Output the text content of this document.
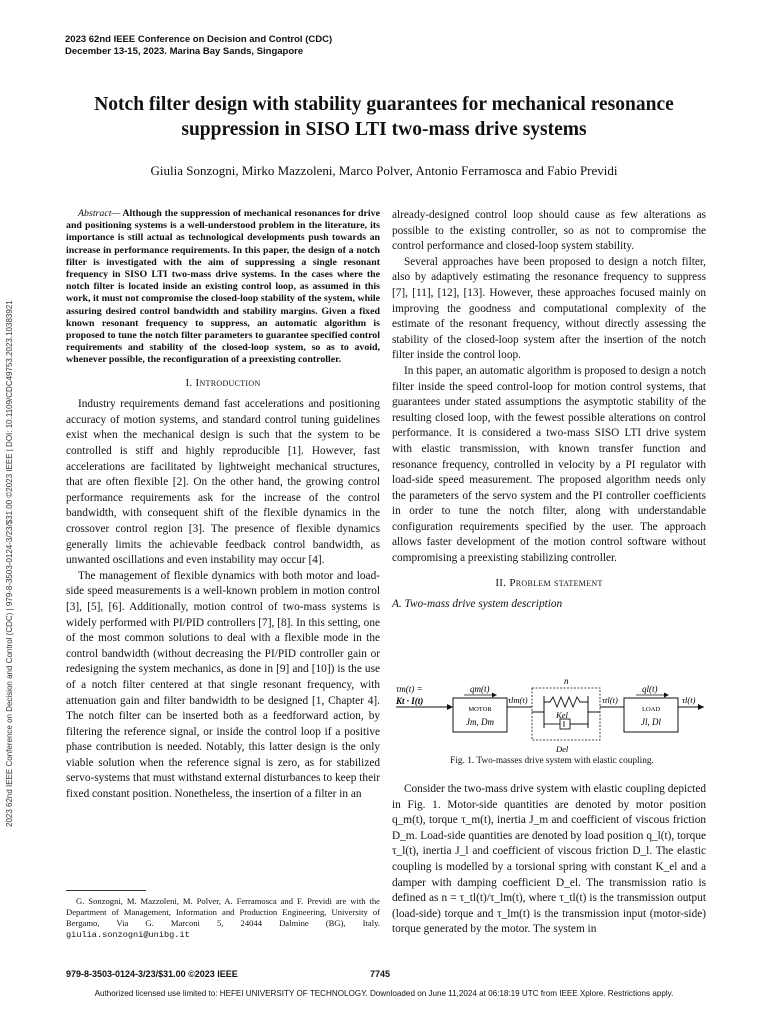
2023 62nd IEEE Conference on Decision and Control (CDC)
December 13-15, 2023. Marina Bay Sands, Singapore
2023 62nd IEEE Conference on Decision and Control (CDC) | 979-8-3503-0124-3/23/$31.00 ©2023 IEEE | DOI: 10.1109/CDC49753.2023.10383921
Notch filter design with stability guarantees for mechanical resonance
suppression in SISO LTI two-mass drive systems
Giulia Sonzogni, Mirko Mazzoleni, Marco Polver, Antonio Ferramosca and Fabio Previdi

Abstract— Although the suppression of mechanical resonances for drive and positioning systems is a well-understood problem in the literature, its importance is still actual as technological developments push towards an increase in performance requirements. In this paper, the design of a notch filter is investigated with the aim of suppressing a single resonant frequency in SISO LTI two-mass drive systems. In the cases where the notch filter is located inside an existing control loop, as assumed in this work, it must not compromise the closed-loop stability of the system, while assuring desired control bandwidth and stability margins. Given a fixed known resonant frequency to suppress, an automatic algorithm is proposed to tune the notch filter parameters to guarantee specified control requirements and stability of the closed-loop system, so as to avoid, whenever possible, the reconfiguration of a preexisting controller.

I. Introduction

Industry requirements demand fast accelerations and positioning accuracy of motion systems, and standard control tuning guidelines exist when the mechanical design is such that the system to be controlled is stiff and highly reproducible [1]. However, fast accelerations are facilitated by lightweight mechanical structures, that are often flexible [2]. On the other hand, the growing control performance requirements ask for the increase of the control bandwidth, with consequent shift of the flexible dynamics in the crossover control region [3]. The presence of flexible dynamics generally limits the achievable feedback control bandwidth, as unwanted oscillations and even instability may occur [4].

The management of flexible dynamics with both motor and load-side speed measurements is a well-known problem in motion control [3], [5], [6]. Additionally, motion control of two-mass systems is widely performed with PI/PID controllers [7], [8]. In this setting, one of the most common solutions to deal with a flexible mode in the control bandwidth (without decreasing the PI/PID controller gain or redesigning the system mechanics, as done in [9] and [10]) is the use of a notch filter centered at that single resonant frequency, with attenuation gain and filter bandwidth to be designed [1, Chapter 4]. The notch filter can be inserted both as a feedforward action, by filtering the reference signal, or inside the control loop if a positive phase contribution is needed. Notably, this latter design is the only viable solution when the reference signal is zero, as for stabilized servo-systems that must withstand external disturbances to keep their fixed constant position. Nonetheless, the insertion of a filter in an

G. Sonzogni, M. Mazzoleni, M. Polver, A. Ferramosca and F. Previdi are with the Department of Management, Information and Production Engineering, University of Bergamo, Via G. Marconi 5, 24044 Dalmine (BG), Italy. giulia.sonzogni@unibg.it

already-designed control loop should cause as few alterations as possible to the existing controller, so as not to compromise the control performance and closed-loop system stability.

Several approaches have been proposed to design a notch filter, also by adaptively estimating the resonance frequency to suppress [7], [11], [12], [13]. However, these approaches focused mainly on improving the goodness and computational complexity of the estimate of the resonant frequency, without directly assessing the stability of the closed-loop system after the insertion of the notch filter inside the control loop.

In this paper, an automatic algorithm is proposed to design a notch filter inside the speed control-loop for motion control systems, that guarantees under stated assumptions the asymptotic stability of the resulting closed loop, with the fewest possible alterations on control performance. It is considered a two-mass SISO LTI drive system with elastic transmission, with known transfer function and resonance frequency, controlled in velocity by a PI regulator with load-side speed measurement. The proposed algorithm needs only the parameters of the servo system and the PI controller coefficients in order to tune the notch filter, along with understandable configuration requirements specified by the user. The approach allows faster development of the motion control software without compromising a preexisting stabilizing controller.

II. Problem statement
A. Two-mass drive system description
τm(t) =
Kt · I(t)
qm(t)
MOTOR
Jm, Dm
τlm(t)
n
Kel
Del
τtl(t)
ql(t)
LOAD
Jl, Dl
τl(t)
Fig. 1. Two-masses drive system with elastic coupling.

Consider the two-mass drive system with elastic coupling depicted in Fig. 1. Motor-side quantities are denoted by motor position q_m(t), torque τ_m(t), inertia J_m and coefficient of viscous friction D_m. Load-side quantities are denoted by load position q_l(t), torque τ_l(t), inertia J_l and coefficient of viscous friction D_l. The elastic coupling is modelled by a torsional spring with constant K_el and a damper with damping coefficient D_el. The transmission ratio is defined as n = τ_tl(t)/τ_lm(t), where τ_tl(t) is the transmission output (load-side) torque and τ_lm(t) is the transmission input (motor-side) torque generated by the motor. The system in

979-8-3503-0124-3/23/$31.00 ©2023 IEEE	7745
Authorized licensed use limited to: HEFEI UNIVERSITY OF TECHNOLOGY. Downloaded on June 11,2024 at 06:18:19 UTC from IEEE Xplore. Restrictions apply.
